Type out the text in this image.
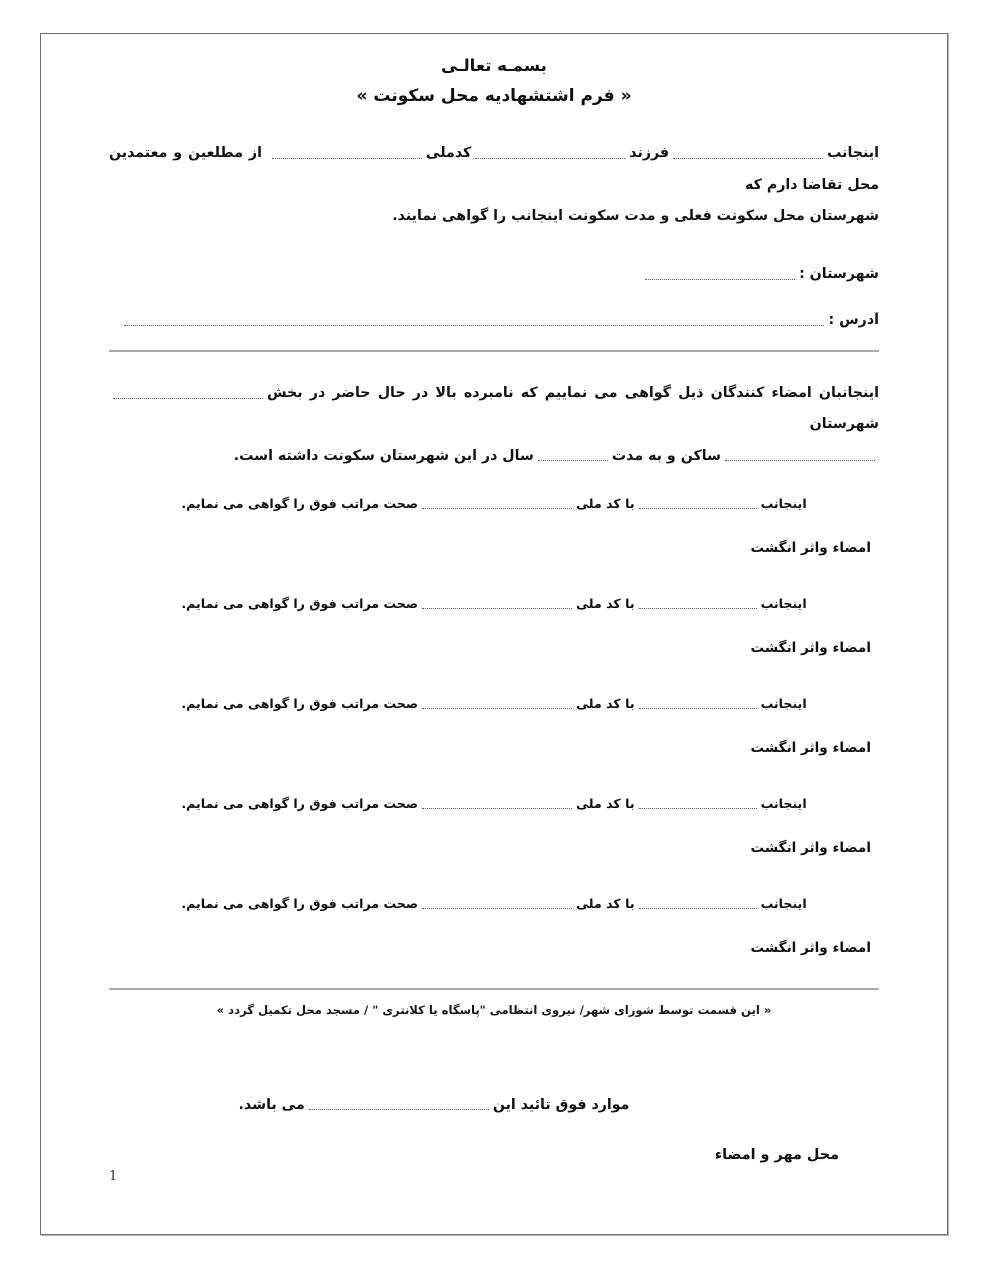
بسمـه تعالـی
« فرم اشتشهادیه محل سکونت »
اینجانبفرزندکدملی از مطلعین و معتمدین محل تقاضا دارم که
شهرستان محل سکونت فعلی و مدت سکونت اینجانب را گواهی نمایند.
شهرستان :
آدرس :
اینجانبان امضاء کنندگان ذیل گواهی می نماییم که نامبرده بالا در حال حاضر در بخششهرستان
ساکن و به مدتسال در این شهرستان سکونت داشته است.
اینجانببا کد ملیصحت مراتب فوق را گواهی می نمایم.
امضاء واثر انگشت
اینجانببا کد ملیصحت مراتب فوق را گواهی می نمایم.
امضاء واثر انگشت
اینجانببا کد ملیصحت مراتب فوق را گواهی می نمایم.
امضاء واثر انگشت
اینجانببا کد ملیصحت مراتب فوق را گواهی می نمایم.
امضاء واثر انگشت
اینجانببا کد ملیصحت مراتب فوق را گواهی می نمایم.
امضاء واثر انگشت
« این قسمت توسط شورای شهر/ نیروی انتظامی "پاسگاه یا کلانتری " / مسجد محل تکمیل گردد »
موارد فوق تائید اینمی باشد.
محل مهر و امضاء
1
